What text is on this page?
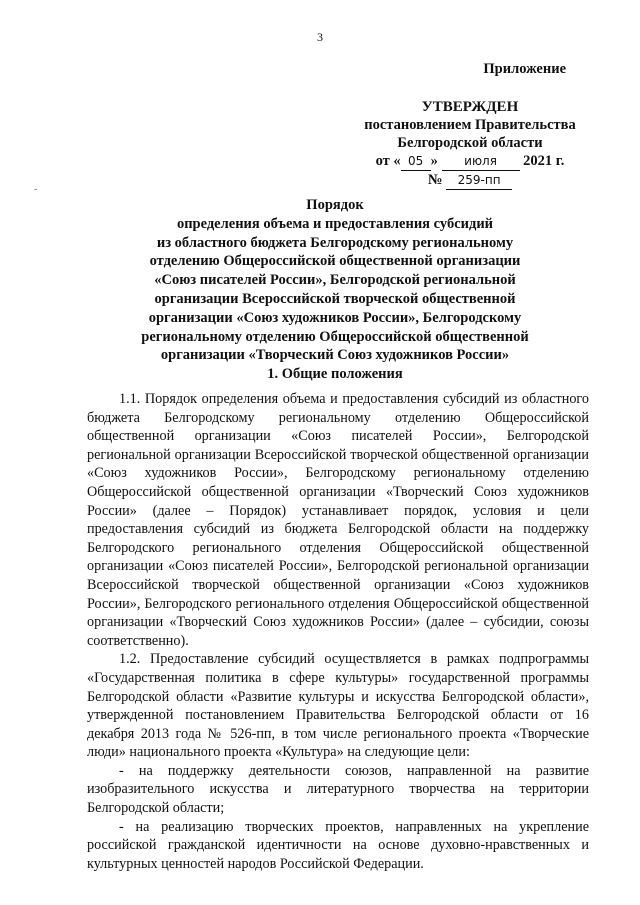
3
-
Приложение
УТВЕРЖДЕН
постановлением Правительства
Белгородской области
от « 05 » июля 2021 г.
№ 259-пп
Порядок
определения объема и предоставления субсидий
из областного бюджета Белгородскому региональному
отделению Общероссийской общественной организации
«Союз писателей России», Белгородской региональной
организации Всероссийской творческой общественной
организации «Союз художников России», Белгородскому
региональному отделению Общероссийской общественной
организации «Творческий Союз художников России»
1. Общие положения

1.1. Порядок определения объема и предоставления субсидий из областного бюджета Белгородскому региональному отделению Общероссийской общественной организации «Союз писателей России», Белгородской региональной организации Всероссийской творческой общественной организации «Союз художников России», Белгородскому региональному отделению Общероссийской общественной организации «Творческий Союз художников России» (далее – Порядок) устанавливает порядок, условия и цели предоставления субсидий из бюджета Белгородской области на поддержку Белгородского регионального отделения Общероссийской общественной организации «Союз писателей России», Белгородской региональной организации Всероссийской творческой общественной организации «Союз художников России», Белгородского регионального отделения Общероссийской общественной организации «Творческий Союз художников России» (далее – субсидии, союзы соответственно).

1.2. Предоставление субсидий осуществляется в рамках подпрограммы «Государственная политика в сфере культуры» государственной программы Белгородской области «Развитие культуры и искусства Белгородской области», утвержденной постановлением Правительства Белгородской области от 16 декабря 2013 года № 526-пп, в том числе регионального проекта «Творческие люди» национального проекта «Культура» на следующие цели:

- на поддержку деятельности союзов, направленной на развитие изобразительного искусства и литературного творчества на территории Белгородской области;

- на реализацию творческих проектов, направленных на укрепление российской гражданской идентичности на основе духовно-нравственных и культурных ценностей народов Российской Федерации.
